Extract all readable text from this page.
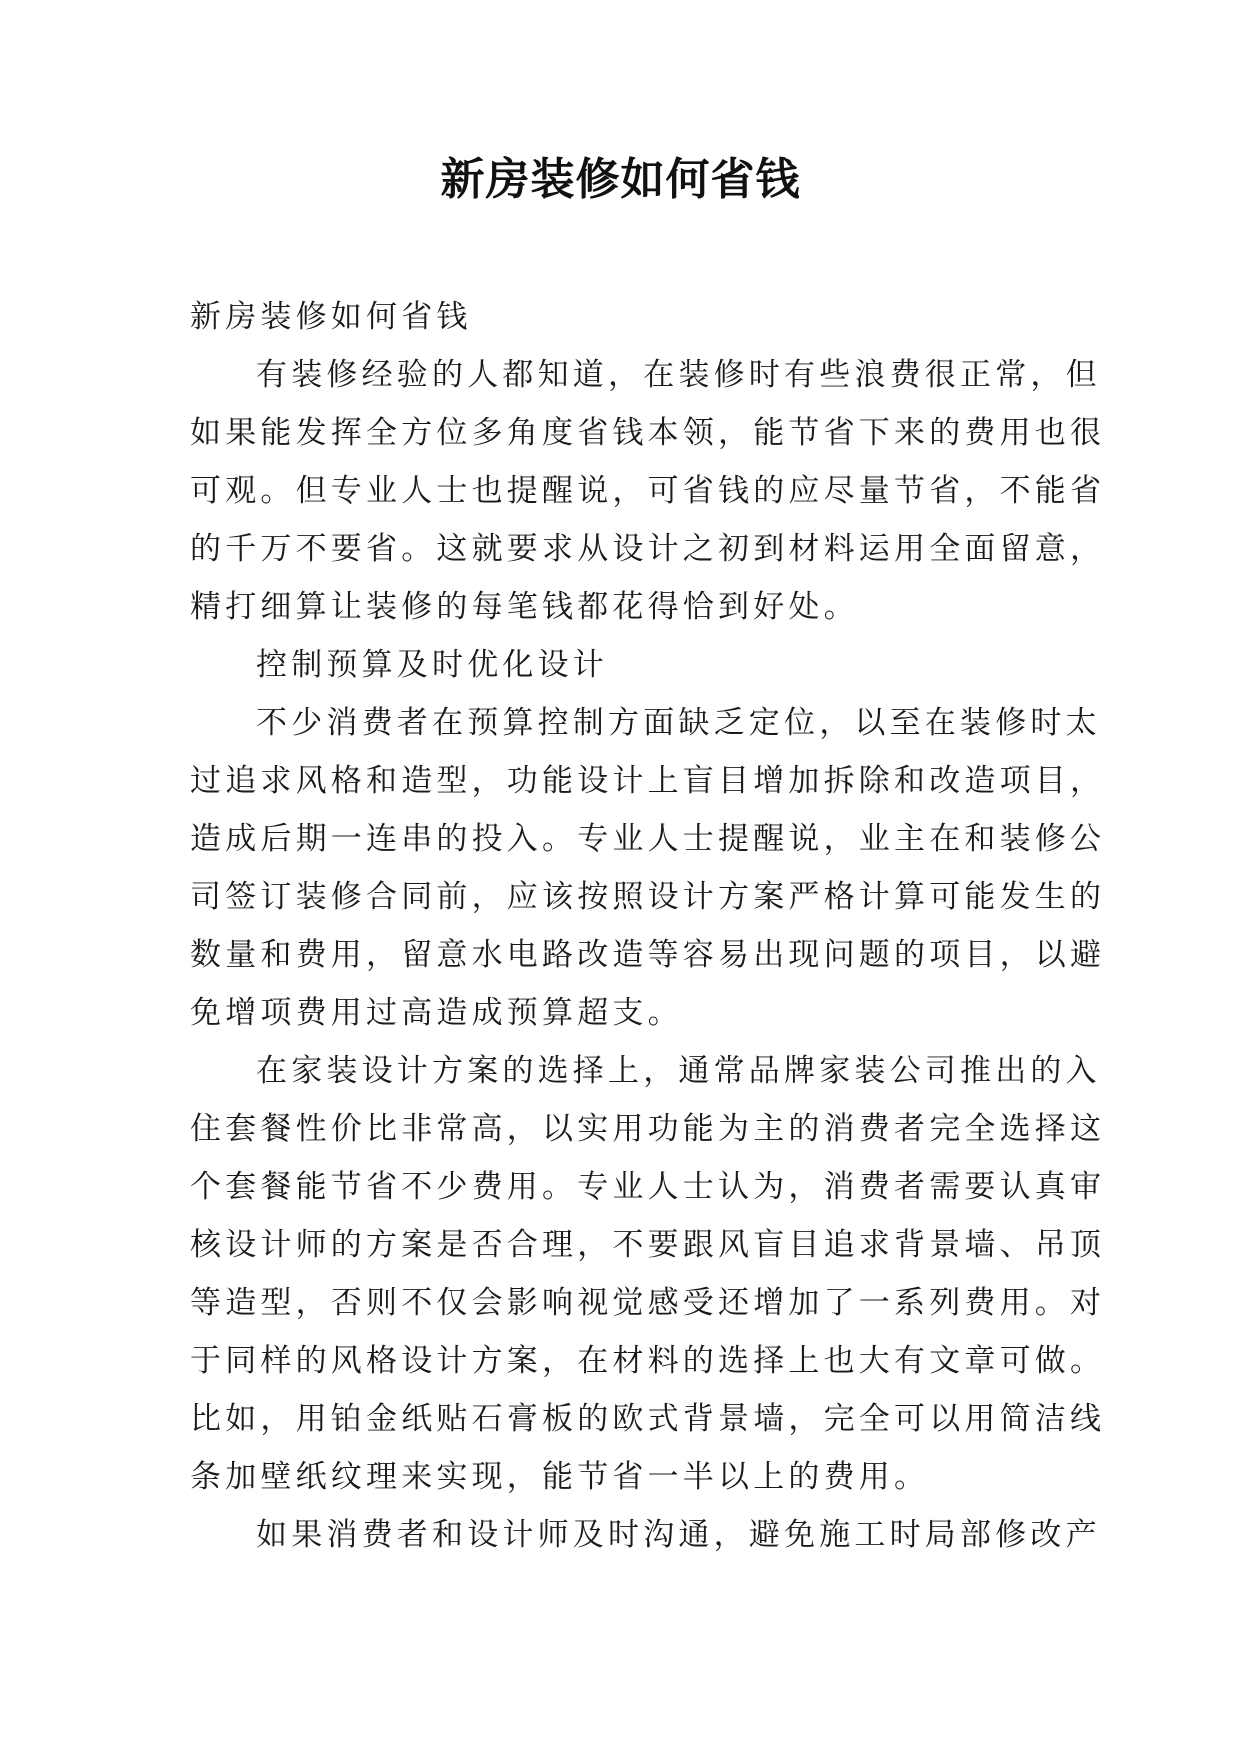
新房装修如何省钱

新房装修如何省钱

有装修经验的人都知道，在装修时有些浪费很正常，但

如果能发挥全方位多角度省钱本领，能节省下来的费用也很

可观。但专业人士也提醒说，可省钱的应尽量节省，不能省

的千万不要省。这就要求从设计之初到材料运用全面留意，

精打细算让装修的每笔钱都花得恰到好处。

控制预算及时优化设计

不少消费者在预算控制方面缺乏定位，以至在装修时太

过追求风格和造型，功能设计上盲目增加拆除和改造项目，

造成后期一连串的投入。专业人士提醒说，业主在和装修公

司签订装修合同前，应该按照设计方案严格计算可能发生的

数量和费用，留意水电路改造等容易出现问题的项目，以避

免增项费用过高造成预算超支。

在家装设计方案的选择上，通常品牌家装公司推出的入

住套餐性价比非常高，以实用功能为主的消费者完全选择这

个套餐能节省不少费用。专业人士认为，消费者需要认真审

核设计师的方案是否合理，不要跟风盲目追求背景墙、吊顶

等造型，否则不仅会影响视觉感受还增加了一系列费用。对

于同样的风格设计方案，在材料的选择上也大有文章可做。

比如，用铂金纸贴石膏板的欧式背景墙，完全可以用简洁线

条加壁纸纹理来实现，能节省一半以上的费用。

如果消费者和设计师及时沟通，避免施工时局部修改产
